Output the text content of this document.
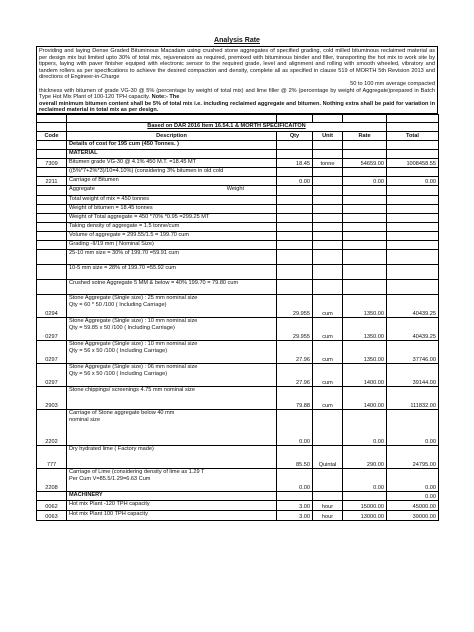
Analysis Rate
Providing and laying Dense Graded Bituminous Macadam using crushed stone aggregates of specified grading, cold milled bituminous reclaimed material as per design mix but limited upto 30% of total mix, rejuvenators as required, premixed with bituminous binder and filler, transporting the hot mix to work site by tippers, laying with paver finisher equiped with electronic sensor to the required grade, level and alignment and rolling with smooth wheeled, vibratory and tandem rollers as per specifications to achieve the desired compaction and density, complete all as specified in clause 519 of MORTH 5th Revision 2013 and directions of Engineer-in-Charge
50 to 100 mm average compacted
thickness with bitumen of grade VG-30 @ 5% (percentage by weight of total mix) and lime filler @ 2% (percentage by weight of Aggregate)prepared in Batch Type Hot Mix Plant of 100-120 TPH capacity. Note:- The
overall minimum bitumen content shall be 5% of total mix i.e. including reclaimed aggregate and bitumen. Nothing extra shall be paid for variation in reclaimed material in total mix as per design.

	Based on DAR 2016 Item 16.54.1 & MORTH SPECIFICAITON				
Code	Description	Qty	Unit	Rate	Total
	Details of cost for 195 cum (450 Tonnes. )				
	MATERIAL				
7309	Bitumen grade VG-30 @ 4.1% 450 M.T. =18.45 MT	18.45	tonne	54659.00	1008458.55
	((5%*7+2%*3)/10=4.10%) (considering 3% bitumen in old cold				
2211	Carriage of Bitumen	0.00		0.00	0.00

	Aggregate Weight				

	Total weight of mix = 450 tonnes				
	Weight of bitumen = 18.45 tonnes				
	Weight of Total aggregate = 450 *70% *0.95 =299.25 MT				
	Taking density of aggregate = 1.5 tonne/cum				
	Volume of aggregate = 299.55/1.5 = 199.70 cum				
	Grading -II/19 mm ( Nominal Size)				
	25-10 mm size = 30% of 199.70 =59.91 cum				
	10-5 mm size = 28% of 199.70 =55.92 cum				
	Crushed sotne Aggregate 5 MM & below = 40% 199.70 = 79.80 cum				
0294	Stone Aggregate (Single size) : 25 mm nominal size
Qty = 60 * 50 /100 ( Including Carriage)	29.955	cum	1350.00	40439.25
0297	Stone Aggregate (Single size) : 10 mm nominal size
Qty = 59.85 x 50 /100 ( Including Carriage)	29.955	cum	1350.00	40439.25
0297	Stone Aggregate (Single size) : 10 mm nominal size
Qty = 56 x 50 /100 ( Including Carriage)	27.96	cum	1350.00	37746.00
0297	Stone Aggregate (Single size) : 06 mm nominal size
Qty = 56 x 50 /100 ( Including Carriage)	27.96	cum	1400.00	39144.00
2903	Stone chippings/ screenings 4.75 mm nominal size	79.88	cum	1400.00	111832.00
2202	Carriage of Stone aggregate below 40 mm
nominal size	0.00		0.00	0.00
777	Dry hydrated lime ( Factory made)	85.50	Quintal	290.00	24795.00
2208	Carriage of Lime (considering density of lime as 1.29 T
Per Cum V=85.5/1.29=6.63 Cum	0.00		0.00	0.00
	MACHINERY				0.00
0062	Hot mix Plant -120 TPH capacity	3.00	hour	15000.00	45000.00
0063	Hot mix Plant 100 TPH capacity	3.00	hour	13000.00	39000.00
